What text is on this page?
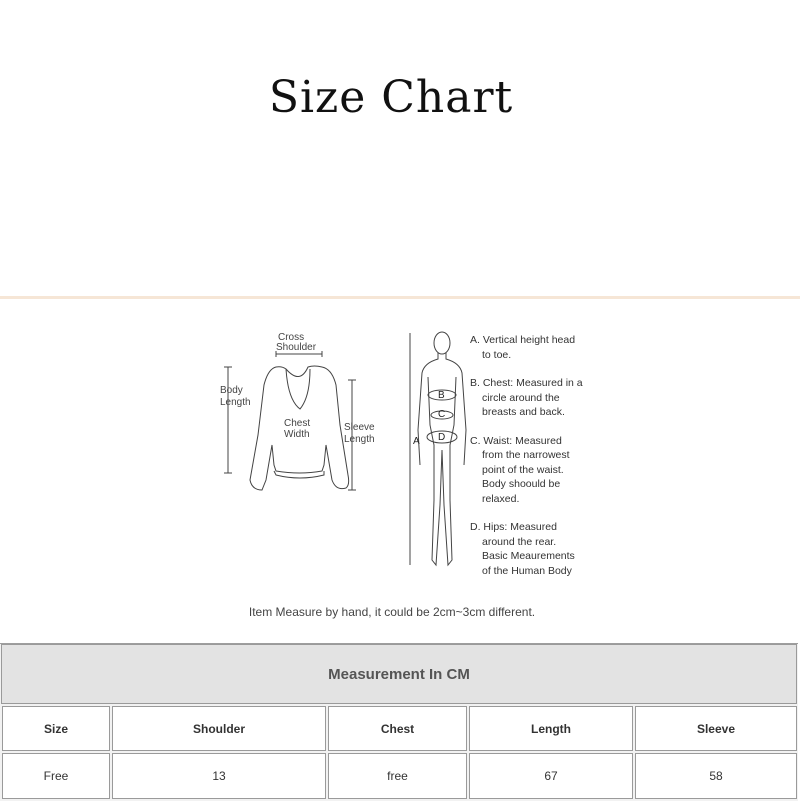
Size Chart
Cross
Shoulder
Body
Length
Chest
Width
Sleeve
Length
B
C
D
A
A. Vertical height head
to toe.
B. Chest: Measured in a
circle around the
breasts and back.
C. Waist: Measured
from the narrowest
point of the waist.
Body shoould be
relaxed.
D. Hips: Measured
around the rear.
Basic Meaurements
of the Human Body
Item Measure by hand, it could be 2cm~3cm different.
Measurement In CM
Size	Shoulder	Chest	Length	Sleeve
Free	13	free	67	58
